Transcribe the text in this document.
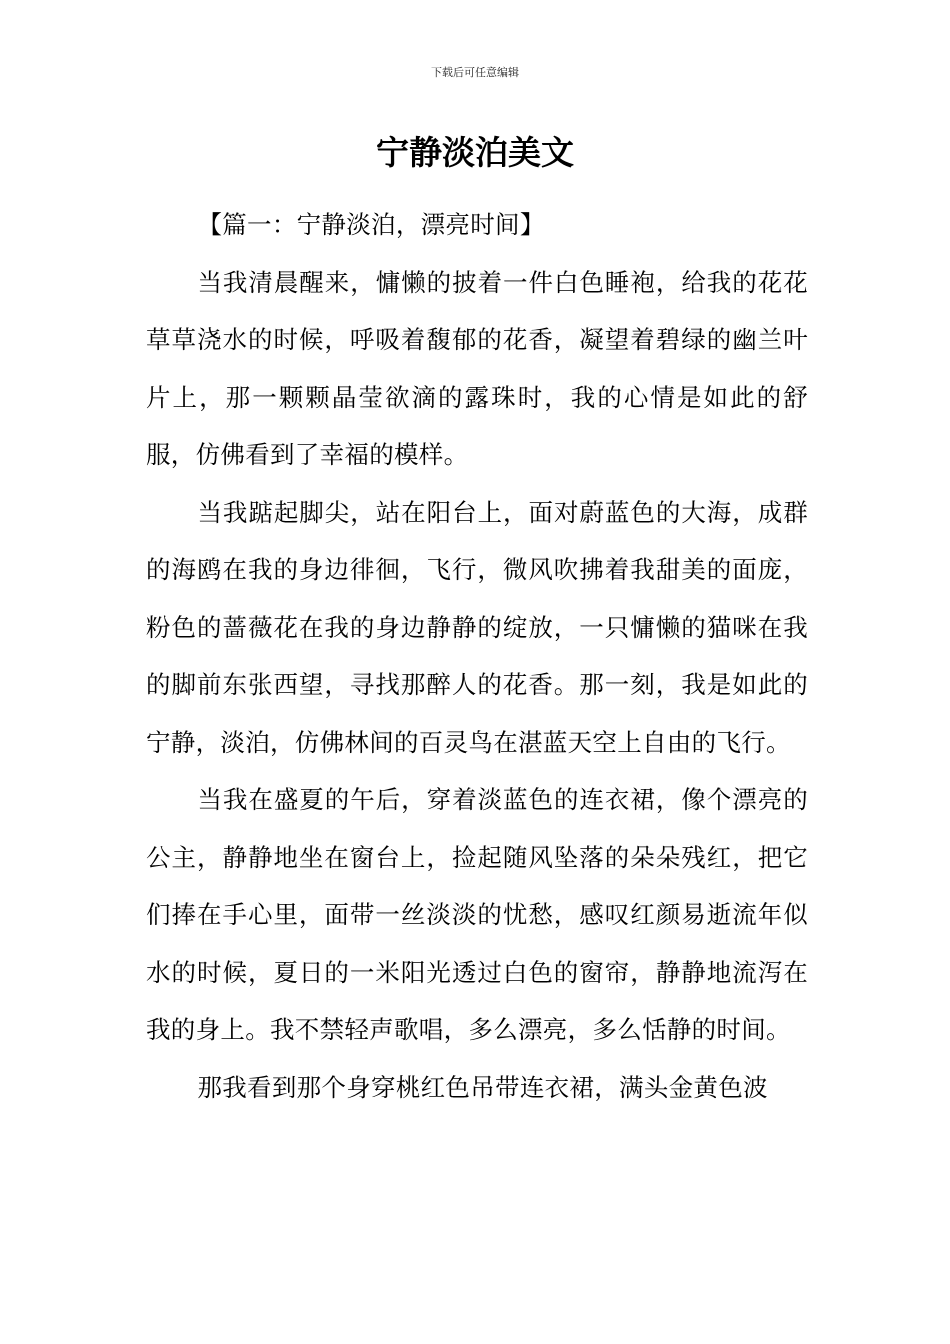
下载后可任意编辑
宁静淡泊美文

【篇一：宁静淡泊，漂亮时间】

当我清晨醒来，慵懒的披着一件白色睡袍，给我的花花草草浇水的时候，呼吸着馥郁的花香，凝望着碧绿的幽兰叶片上，那一颗颗晶莹欲滴的露珠时，我的心情是如此的舒服，仿佛看到了幸福的模样。

当我踮起脚尖，站在阳台上，面对蔚蓝色的大海，成群的海鸥在我的身边徘徊，飞行，微风吹拂着我甜美的面庞，粉色的蔷薇花在我的身边静静的绽放，一只慵懒的猫咪在我的脚前东张西望，寻找那醉人的花香。那一刻，我是如此的宁静，淡泊，仿佛林间的百灵鸟在湛蓝天空上自由的飞行。

当我在盛夏的午后，穿着淡蓝色的连衣裙，像个漂亮的公主，静静地坐在窗台上，捡起随风坠落的朵朵残红，把它们捧在手心里，面带一丝淡淡的忧愁，感叹红颜易逝流年似水的时候，夏日的一米阳光透过白色的窗帘，静静地流泻在我的身上。我不禁轻声歌唱，多么漂亮，多么恬静的时间。

那我看到那个身穿桃红色吊带连衣裙，满头金黄色波
